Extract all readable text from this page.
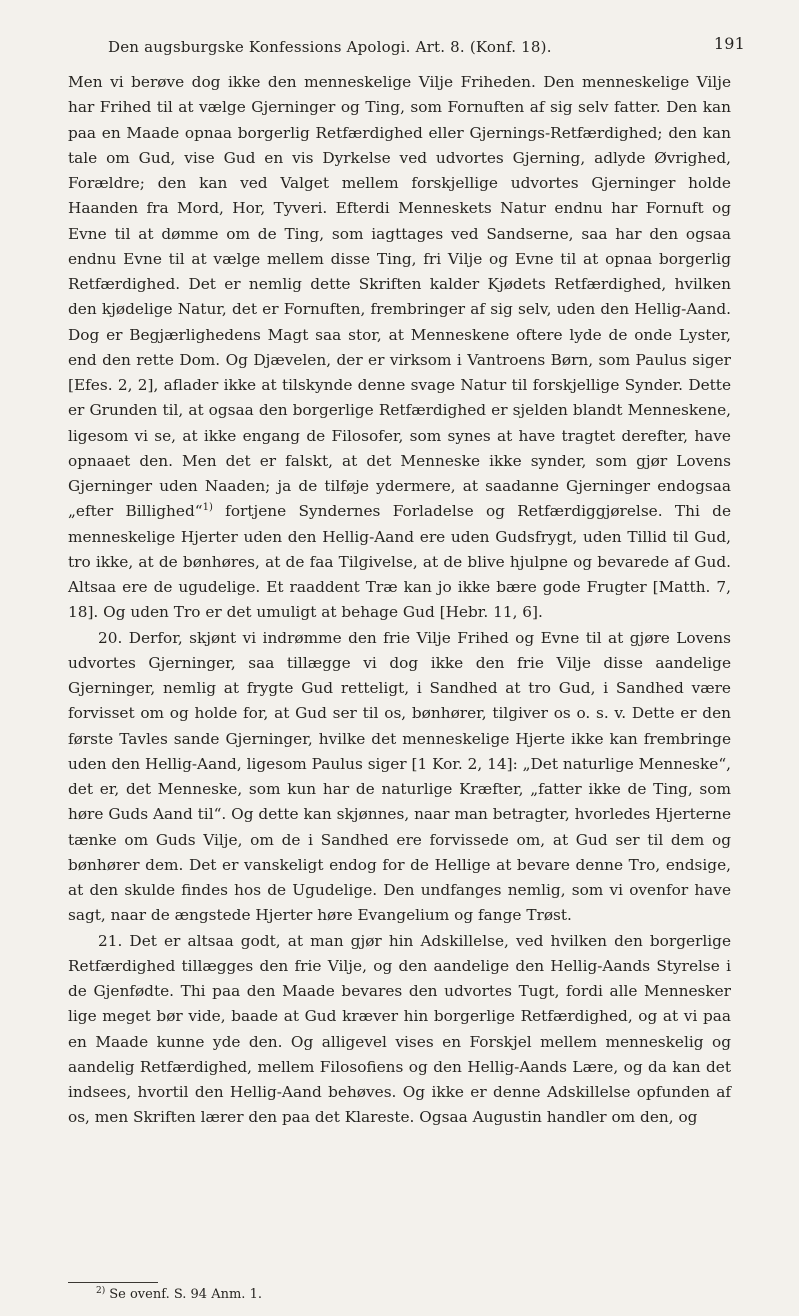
Den augsburgske Konfessions Apologi. Art. 8. (Konf. 18).	191

Men vi berøve dog ikke den menneskelige Vilje Friheden. Den menneskelige Vilje har Frihed til at vælge Gjerninger og Ting, som Fornuften af sig selv fatter. Den kan paa en Maade opnaa borgerlig Retfærdighed eller Gjernings-Retfærdighed; den kan tale om Gud, vise Gud en vis Dyrkelse ved udvortes Gjerning, adlyde Øvrighed, Forældre; den kan ved Valget mellem forskjellige udvortes Gjerninger holde Haanden fra Mord, Hor, Tyveri. Efterdi Menneskets Natur endnu har Fornuft og Evne til at dømme om de Ting, som iagttages ved Sandserne, saa har den ogsaa endnu Evne til at vælge mellem disse Ting, fri Vilje og Evne til at opnaa borgerlig Retfærdighed. Det er nemlig dette Skriften kalder Kjødets Retfærdighed, hvilken den kjødelige Natur, det er Fornuften, frembringer af sig selv, uden den Hellig-Aand. Dog er Begjærlighedens Magt saa stor, at Menneskene oftere lyde de onde Lyster, end den rette Dom. Og Djævelen, der er virksom i Vantroens Børn, som Paulus siger [Efes. 2, 2], aflader ikke at tilskynde denne svage Natur til forskjellige Synder. Dette er Grunden til, at ogsaa den borgerlige Retfærdighed er sjelden blandt Menneskene, ligesom vi se, at ikke engang de Filosofer, som synes at have tragtet derefter, have opnaaet den. Men det er falskt, at det Menneske ikke synder, som gjør Lovens Gjerninger uden Naaden; ja de tilføje ydermere, at saadanne Gjerninger endogsaa „efter Billighed“$^{1)}$ fortjene Syndernes Forladelse og Retfærdiggjørelse. Thi de menneskelige Hjerter uden den Hellig-Aand ere uden Gudsfrygt, uden Tillid til Gud, tro ikke, at de bønhøres, at de faa Tilgivelse, at de blive hjulpne og bevarede af Gud. Altsaa ere de ugudelige. Et raaddent Træ kan jo ikke bære gode Frugter [Matth. 7, 18]. Og uden Tro er det umuligt at behage Gud [Hebr. 11, 6].

20. Derfor, skjønt vi indrømme den frie Vilje Frihed og Evne til at gjøre Lovens udvortes Gjerninger, saa tillægge vi dog ikke den frie Vilje disse aandelige Gjerninger, nemlig at frygte Gud retteligt, i Sandhed at tro Gud, i Sandhed være forvisset om og holde for, at Gud ser til os, bønhører, tilgiver os o. s. v. Dette er den første Tavles sande Gjerninger, hvilke det menneskelige Hjerte ikke kan frembringe uden den Hellig-Aand, ligesom Paulus siger [1 Kor. 2, 14]: „Det naturlige Menneske“, det er, det Menneske, som kun har de naturlige Kræfter, „fatter ikke de Ting, som høre Guds Aand til“. Og dette kan skjønnes, naar man betragter, hvorledes Hjerterne tænke om Guds Vilje, om de i Sandhed ere forvissede om, at Gud ser til dem og bønhører dem. Det er vanskeligt endog for de Hellige at bevare denne Tro, endsige, at den skulde findes hos de Ugudelige. Den undfanges nemlig, som vi ovenfor have sagt, naar de ængstede Hjerter høre Evangelium og fange Trøst.

21. Det er altsaa godt, at man gjør hin Adskillelse, ved hvilken den borgerlige Retfærdighed tillægges den frie Vilje, og den aandelige den Hellig-Aands Styrelse i de Gjenfødte. Thi paa den Maade bevares den udvortes Tugt, fordi alle Mennesker lige meget bør vide, baade at Gud kræver hin borgerlige Retfærdighed, og at vi paa en Maade kunne yde den. Og alligevel vises en Forskjel mellem menneskelig og aandelig Retfærdighed, mellem Filosofiens og den Hellig-Aands Lære, og da kan det indsees, hvortil den Hellig-Aand behøves. Og ikke er denne Adskillelse opfunden af os, men Skriften lærer den paa det Klareste. Ogsaa Augustin handler om den, og

$^{2)}$ Se ovenf. S. 94 Anm. 1.
